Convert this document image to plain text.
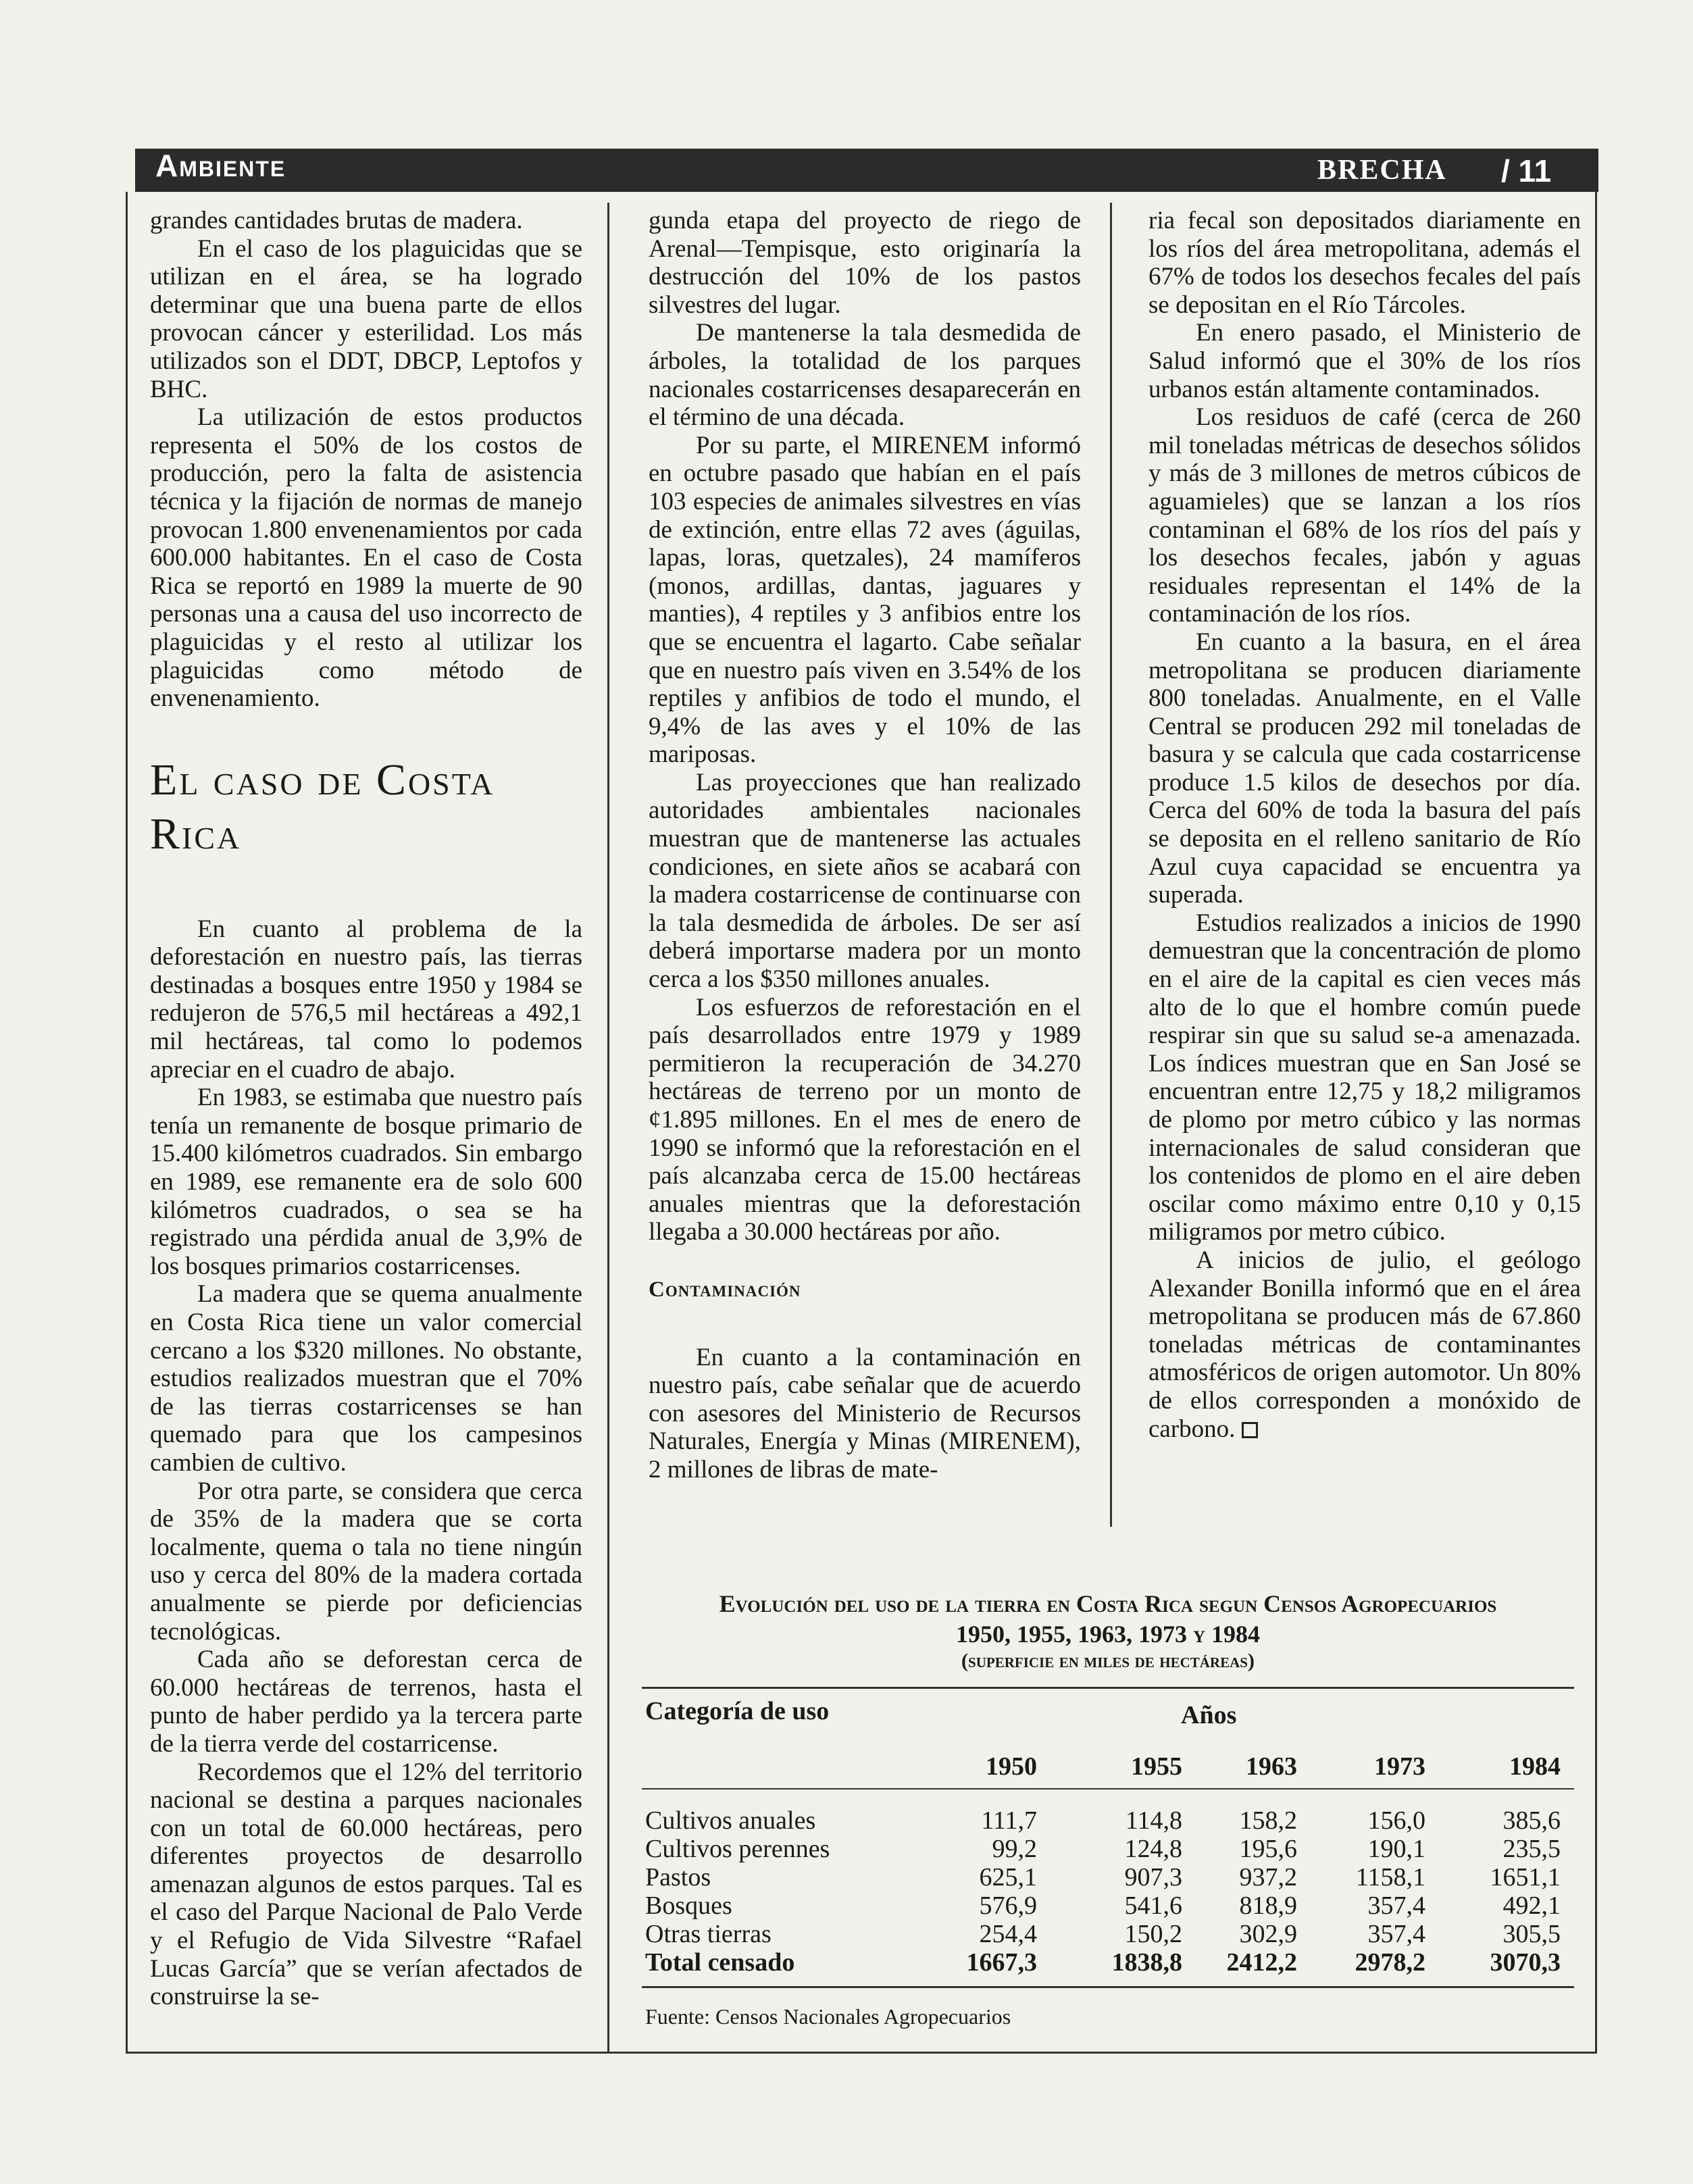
Ambiente	BRECHA / 11

grandes cantidades brutas de madera.

En el caso de los plaguicidas que se utilizan en el área, se ha logrado determinar que una buena parte de ellos provocan cáncer y esterilidad. Los más utilizados son el DDT, DBCP, Leptofos y BHC.

La utilización de estos productos representa el 50% de los costos de producción, pero la falta de asistencia técnica y la fijación de normas de manejo provocan 1.800 envenenamientos por cada 600.000 habitantes. En el caso de Costa Rica se reportó en 1989 la muerte de 90 personas una a causa del uso incorrecto de plaguicidas y el resto al utilizar los plaguicidas como método de envenenamiento.

El caso de Costa Rica

En cuanto al problema de la deforestación en nuestro país, las tierras destinadas a bosques entre 1950 y 1984 se redujeron de 576,5 mil hectáreas a 492,1 mil hectáreas, tal como lo podemos apreciar en el cuadro de abajo.

En 1983, se estimaba que nuestro país tenía un remanente de bosque primario de 15.400 kilómetros cuadrados. Sin embargo en 1989, ese remanente era de solo 600 kilómetros cuadrados, o sea se ha registrado una pérdida anual de 3,9% de los bosques primarios costarricenses.

La madera que se quema anualmente en Costa Rica tiene un valor comercial cercano a los $320 millones. No obstante, estudios realizados muestran que el 70% de las tierras costarricenses se han quemado para que los campesinos cambien de cultivo.

Por otra parte, se considera que cerca de 35% de la madera que se corta localmente, quema o tala no tiene ningún uso y cerca del 80% de la madera cortada anualmente se pierde por deficiencias tecnológicas.

Cada año se deforestan cerca de 60.000 hectáreas de terrenos, hasta el punto de haber perdido ya la tercera parte de la tierra verde del costarricense.

Recordemos que el 12% del territorio nacional se destina a parques nacionales con un total de 60.000 hectáreas, pero diferentes proyectos de desarrollo amenazan algunos de estos parques. Tal es el caso del Parque Nacional de Palo Verde y el Refugio de Vida Silvestre “Rafael Lucas García” que se verían afectados de construirse la se-

gunda etapa del proyecto de riego de Arenal—Tempisque, esto originaría la destrucción del 10% de los pastos silvestres del lugar.

De mantenerse la tala desmedida de árboles, la totalidad de los parques nacionales costarricenses desaparecerán en el término de una década.

Por su parte, el MIRENEM informó en octubre pasado que habían en el país 103 especies de animales silvestres en vías de extinción, entre ellas 72 aves (águilas, lapas, loras, quetzales), 24 mamíferos (monos, ardillas, dantas, jaguares y manties), 4 reptiles y 3 anfibios entre los que se encuentra el lagarto. Cabe señalar que en nuestro país viven en 3.54% de los reptiles y anfibios de todo el mundo, el 9,4% de las aves y el 10% de las mariposas.

Las proyecciones que han realizado autoridades ambientales nacionales muestran que de mantenerse las actuales condiciones, en siete años se acabará con la madera costarricense de continuarse con la tala desmedida de árboles. De ser así deberá importarse madera por un monto cerca a los $350 millones anuales.

Los esfuerzos de reforestación en el país desarrollados entre 1979 y 1989 permitieron la recuperación de 34.270 hectáreas de terreno por un monto de ¢1.895 millones. En el mes de enero de 1990 se informó que la reforestación en el país alcanzaba cerca de 15.00 hectáreas anuales mientras que la deforestación llegaba a 30.000 hectáreas por año.

Contaminación

En cuanto a la contaminación en nuestro país, cabe señalar que de acuerdo con asesores del Ministerio de Recursos Naturales, Energía y Minas (MIRENEM), 2 millones de libras de mate-

ria fecal son depositados diariamente en los ríos del área metropolitana, además el 67% de todos los desechos fecales del país se depositan en el Río Tárcoles.

En enero pasado, el Ministerio de Salud informó que el 30% de los ríos urbanos están altamente contaminados.

Los residuos de café (cerca de 260 mil toneladas métricas de desechos sólidos y más de 3 millones de metros cúbicos de aguamieles) que se lanzan a los ríos contaminan el 68% de los ríos del país y los desechos fecales, jabón y aguas residuales representan el 14% de la contaminación de los ríos.

En cuanto a la basura, en el área metropolitana se producen diariamente 800 toneladas. Anualmente, en el Valle Central se producen 292 mil toneladas de basura y se calcula que cada costarricense produce 1.5 kilos de desechos por día. Cerca del 60% de toda la basura del país se deposita en el relleno sanitario de Río Azul cuya capacidad se encuentra ya superada.

Estudios realizados a inicios de 1990 demuestran que la concentración de plomo en el aire de la capital es cien veces más alto de lo que el hombre común puede respirar sin que su salud se-a amenazada. Los índices muestran que en San José se encuentran entre 12,75 y 18,2 miligramos de plomo por metro cúbico y las normas internacionales de salud consideran que los contenidos de plomo en el aire deben oscilar como máximo entre 0,10 y 0,15 miligramos por metro cúbico.

A inicios de julio, el geólogo Alexander Bonilla informó que en el área metropolitana se producen más de 67.860 toneladas métricas de contaminantes atmosféricos de origen automotor. Un 80% de ellos corresponden a monóxido de carbono.

Evolución del uso de la tierra en Costa Rica segun Censos Agropecuarios
1950, 1955, 1963, 1973 y 1984
(superficie en miles de hectáreas)
Categoría de uso	Años
1950	1955	1963	1973	1984
Cultivos anuales	111,7	114,8	158,2	156,0	385,6
Cultivos perennes	99,2	124,8	195,6	190,1	235,5
Pastos	625,1	907,3	937,2	1158,1	1651,1
Bosques	576,9	541,6	818,9	357,4	492,1
Otras tierras	254,4	150,2	302,9	357,4	305,5
Total censado	1667,3	1838,8	2412,2	2978,2	3070,3
Fuente: Censos Nacionales Agropecuarios
